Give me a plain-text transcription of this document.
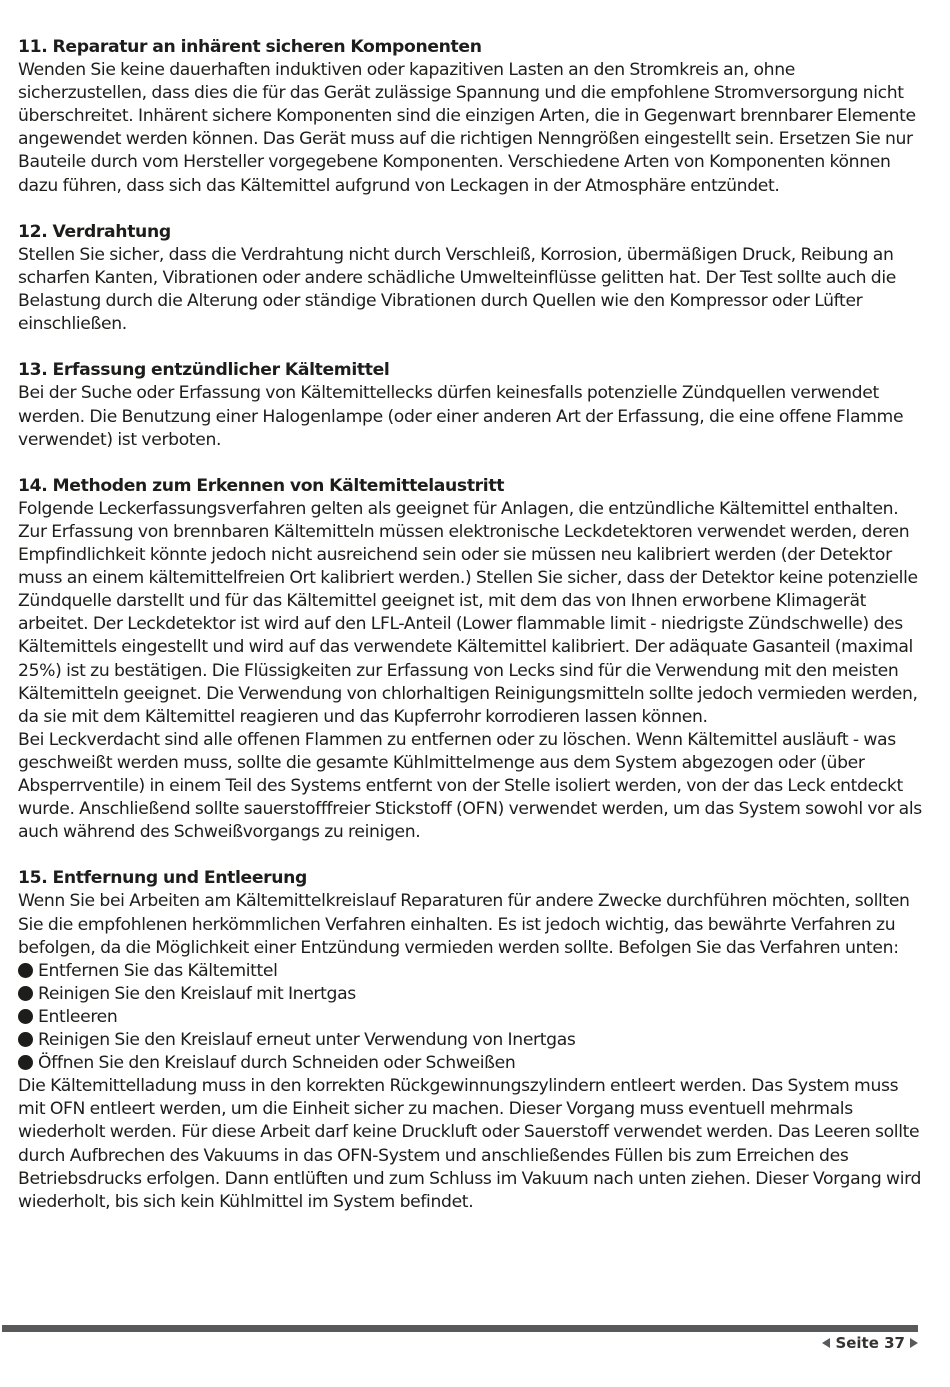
11. Reparatur an inhärent sicheren Komponenten

Wenden Sie keine dauerhaften induktiven oder kapazitiven Lasten an den Stromkreis an, ohne sicherzustellen, dass dies die für das Gerät zulässige Spannung und die empfohlene Stromversorgung nicht überschreitet. Inhärent sichere Komponenten sind die einzigen Arten, die in Gegenwart brennbarer Elemente angewendet werden können. Das Gerät muss auf die richtigen Nenngrößen eingestellt sein. Ersetzen Sie nur Bauteile durch vom Hersteller vorgegebene Komponenten. Verschiedene Arten von Komponenten können dazu führen, dass sich das Kältemittel aufgrund von Leckagen in der Atmosphäre entzündet.

12. Verdrahtung

Stellen Sie sicher, dass die Verdrahtung nicht durch Verschleiß, Korrosion, übermäßigen Druck, Reibung an scharfen Kanten, Vibrationen oder andere schädliche Umwelteinflüsse gelitten hat. Der Test sollte auch die Belastung durch die Alterung oder ständige Vibrationen durch Quellen wie den Kompressor oder Lüfter einschließen.

13. Erfassung entzündlicher Kältemittel

Bei der Suche oder Erfassung von Kältemittellecks dürfen keinesfalls potenzielle Zündquellen verwendet werden. Die Benutzung einer Halogenlampe (oder einer anderen Art der Erfassung, die eine offene Flamme verwendet) ist verboten.

14. Methoden zum Erkennen von Kältemittelaustritt

Folgende Leckerfassungsverfahren gelten als geeignet für Anlagen, die entzündliche Kältemittel enthalten. Zur Erfassung von brennbaren Kältemitteln müssen elektronische Leckdetektoren verwendet werden, deren Empfindlichkeit könnte jedoch nicht ausreichend sein oder sie müssen neu kalibriert werden (der Detektor muss an einem kältemittelfreien Ort kalibriert werden.) Stellen Sie sicher, dass der Detektor keine potenzielle Zündquelle darstellt und für das Kältemittel geeignet ist, mit dem das von Ihnen erworbene Klimagerät arbeitet. Der Leckdetektor ist wird auf den LFL-Anteil (Lower flammable limit - niedrigste Zündschwelle) des Kältemittels eingestellt und wird auf das verwendete Kältemittel kalibriert. Der adäquate Gasanteil (maximal 25%) ist zu bestätigen. Die Flüssigkeiten zur Erfassung von Lecks sind für die Verwendung mit den meisten Kältemitteln geeignet. Die Verwendung von chlorhaltigen Reinigungsmitteln sollte jedoch vermieden werden, da sie mit dem Kältemittel reagieren und das Kupferrohr korrodieren lassen können.

Bei Leckverdacht sind alle offenen Flammen zu entfernen oder zu löschen. Wenn Kältemittel ausläuft - was geschweißt werden muss, sollte die gesamte Kühlmittelmenge aus dem System abgezogen oder (über Absperrventile) in einem Teil des Systems entfernt von der Stelle isoliert werden, von der das Leck entdeckt wurde. Anschließend sollte sauerstofffreier Stickstoff (OFN) verwendet werden, um das System sowohl vor als auch während des Schweißvorgangs zu reinigen.

15. Entfernung und Entleerung

Wenn Sie bei Arbeiten am Kältemittelkreislauf Reparaturen für andere Zwecke durchführen möchten, sollten Sie die empfohlenen herkömmlichen Verfahren einhalten. Es ist jedoch wichtig, das bewährte Verfahren zu befolgen, da die Möglichkeit einer Entzündung vermieden werden sollte. Befolgen Sie das Verfahren unten:

Entfernen Sie das Kältemittel
Reinigen Sie den Kreislauf mit Inertgas
Entleeren
Reinigen Sie den Kreislauf erneut unter Verwendung von Inertgas
Öffnen Sie den Kreislauf durch Schneiden oder Schweißen

Die Kältemittelladung muss in den korrekten Rückgewinnungszylindern entleert werden. Das System muss mit OFN entleert werden, um die Einheit sicher zu machen. Dieser Vorgang muss eventuell mehrmals wiederholt werden. Für diese Arbeit darf keine Druckluft oder Sauerstoff verwendet werden. Das Leeren sollte durch Aufbrechen des Vakuums in das OFN-System und anschließendes Füllen bis zum Erreichen des Betriebsdrucks erfolgen. Dann entlüften und zum Schluss im Vakuum nach unten ziehen. Dieser Vorgang wird wiederholt, bis sich kein Kühlmittel im System befindet.

Seite 37
